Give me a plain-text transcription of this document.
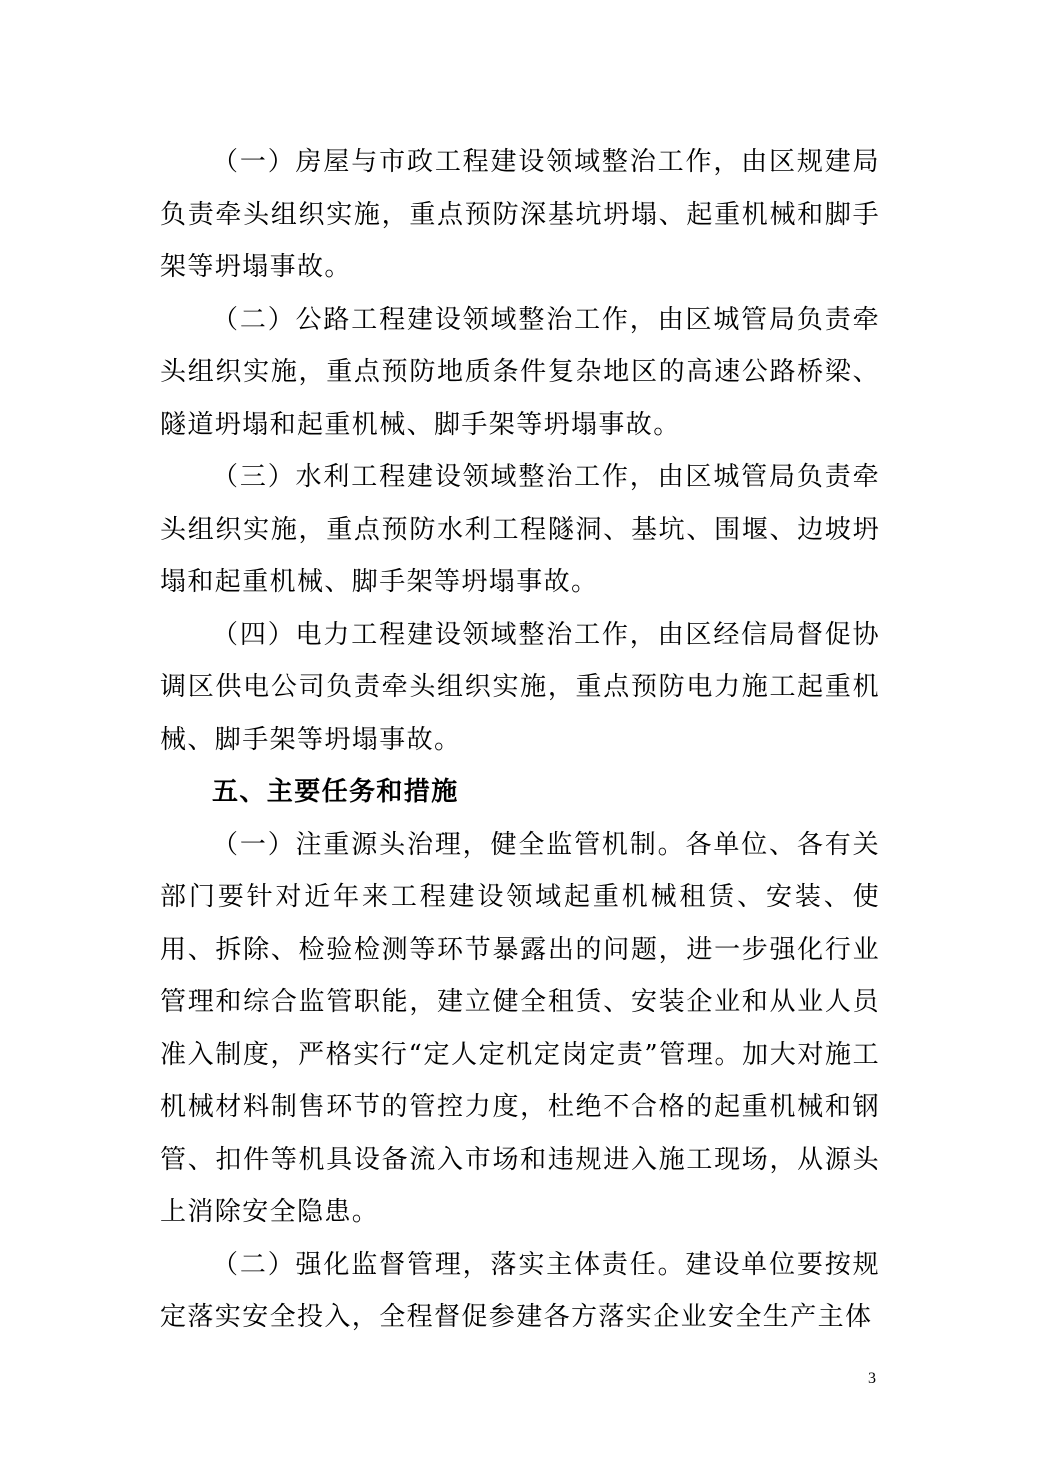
（一）房屋与市政工程建设领域整治工作，由区规建局负责牵头组织实施，重点预防深基坑坍塌、起重机械和脚手架等坍塌事故。

（二）公路工程建设领域整治工作，由区城管局负责牵头组织实施，重点预防地质条件复杂地区的高速公路桥梁、隧道坍塌和起重机械、脚手架等坍塌事故。

（三）水利工程建设领域整治工作，由区城管局负责牵头组织实施，重点预防水利工程隧洞、基坑、围堰、边坡坍塌和起重机械、脚手架等坍塌事故。

（四）电力工程建设领域整治工作，由区经信局督促协调区供电公司负责牵头组织实施，重点预防电力施工起重机械、脚手架等坍塌事故。

五、主要任务和措施

（一）注重源头治理，健全监管机制。各单位、各有关部门要针对近年来工程建设领域起重机械租赁、安装、使用、拆除、检验检测等环节暴露出的问题，进一步强化行业管理和综合监管职能，建立健全租赁、安装企业和从业人员准入制度，严格实行“定人定机定岗定责”管理。加大对施工机械材料制售环节的管控力度，杜绝不合格的起重机械和钢管、扣件等机具设备流入市场和违规进入施工现场，从源头上消除安全隐患。

（二）强化监督管理，落实主体责任。建设单位要按规定落实安全投入，全程督促参建各方落实企业安全生产主体

3
